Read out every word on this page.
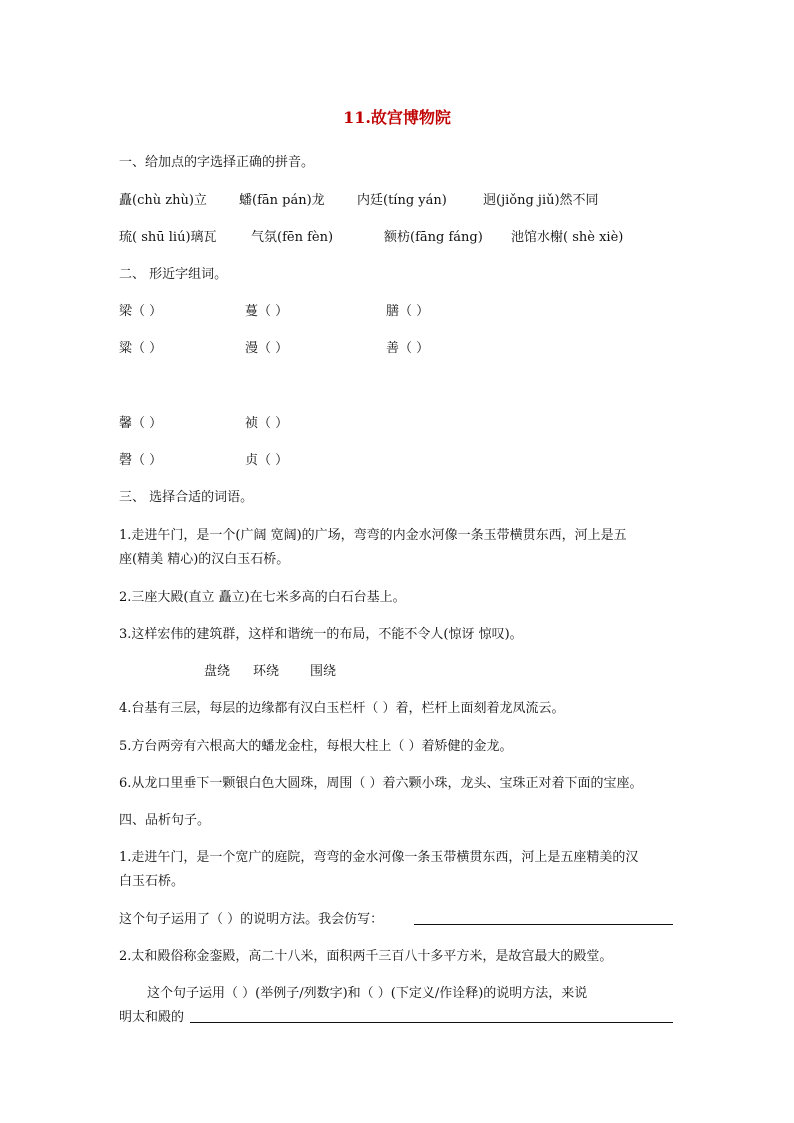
11.故宫博物院
一、给加点的字选择正确的拼音。
矗(chù zhù)立 蟠(fān pán)龙 内廷(tíng yán)	迥(jiǒng jiǔ)然不同
琉( shū liú)璃瓦	气氛(fēn fèn)	额枋(fāng fáng) 池馆水榭( shè xiè)
二、 形近字组词。
梁（ ）	蔓（ ）	膳（ ）
粱（ ）	漫（ ）	善（ ）
馨（ ）	祯（ ）
磬（ ）	贞（ ）
三、 选择合适的词语。
1.走进午门，是一个(广阔 宽阔)的广场，弯弯的内金水河像一条玉带横贯东西，河上是五
座(精美 精心)的汉白玉石桥。
2.三座大殿(直立 矗立)在七米多高的白石台基上。
3.这样宏伟的建筑群，这样和谐统一的布局，不能不令人(惊讶 惊叹)。
盘绕 环绕 围绕
4.台基有三层，每层的边缘都有汉白玉栏杆（ ）着，栏杆上面刻着龙凤流云。
5.方台两旁有六根高大的蟠龙金柱，每根大柱上（ ）着矫健的金龙。
6.从龙口里垂下一颗银白色大圆珠，周围（ ）着六颗小珠，龙头、宝珠正对着下面的宝座。
四、品析句子。
1.走进午门，是一个宽广的庭院，弯弯的金水河像一条玉带横贯东西，河上是五座精美的汉
白玉石桥。
这个句子运用了（ ）的说明方法。我会仿写：
2.太和殿俗称金銮殿，高二十八米，面积两千三百八十多平方米，是故宫最大的殿堂。
这个句子运用（ ）(举例子/列数字)和（ ）(下定义/作诠释)的说明方法，来说
明太和殿的
